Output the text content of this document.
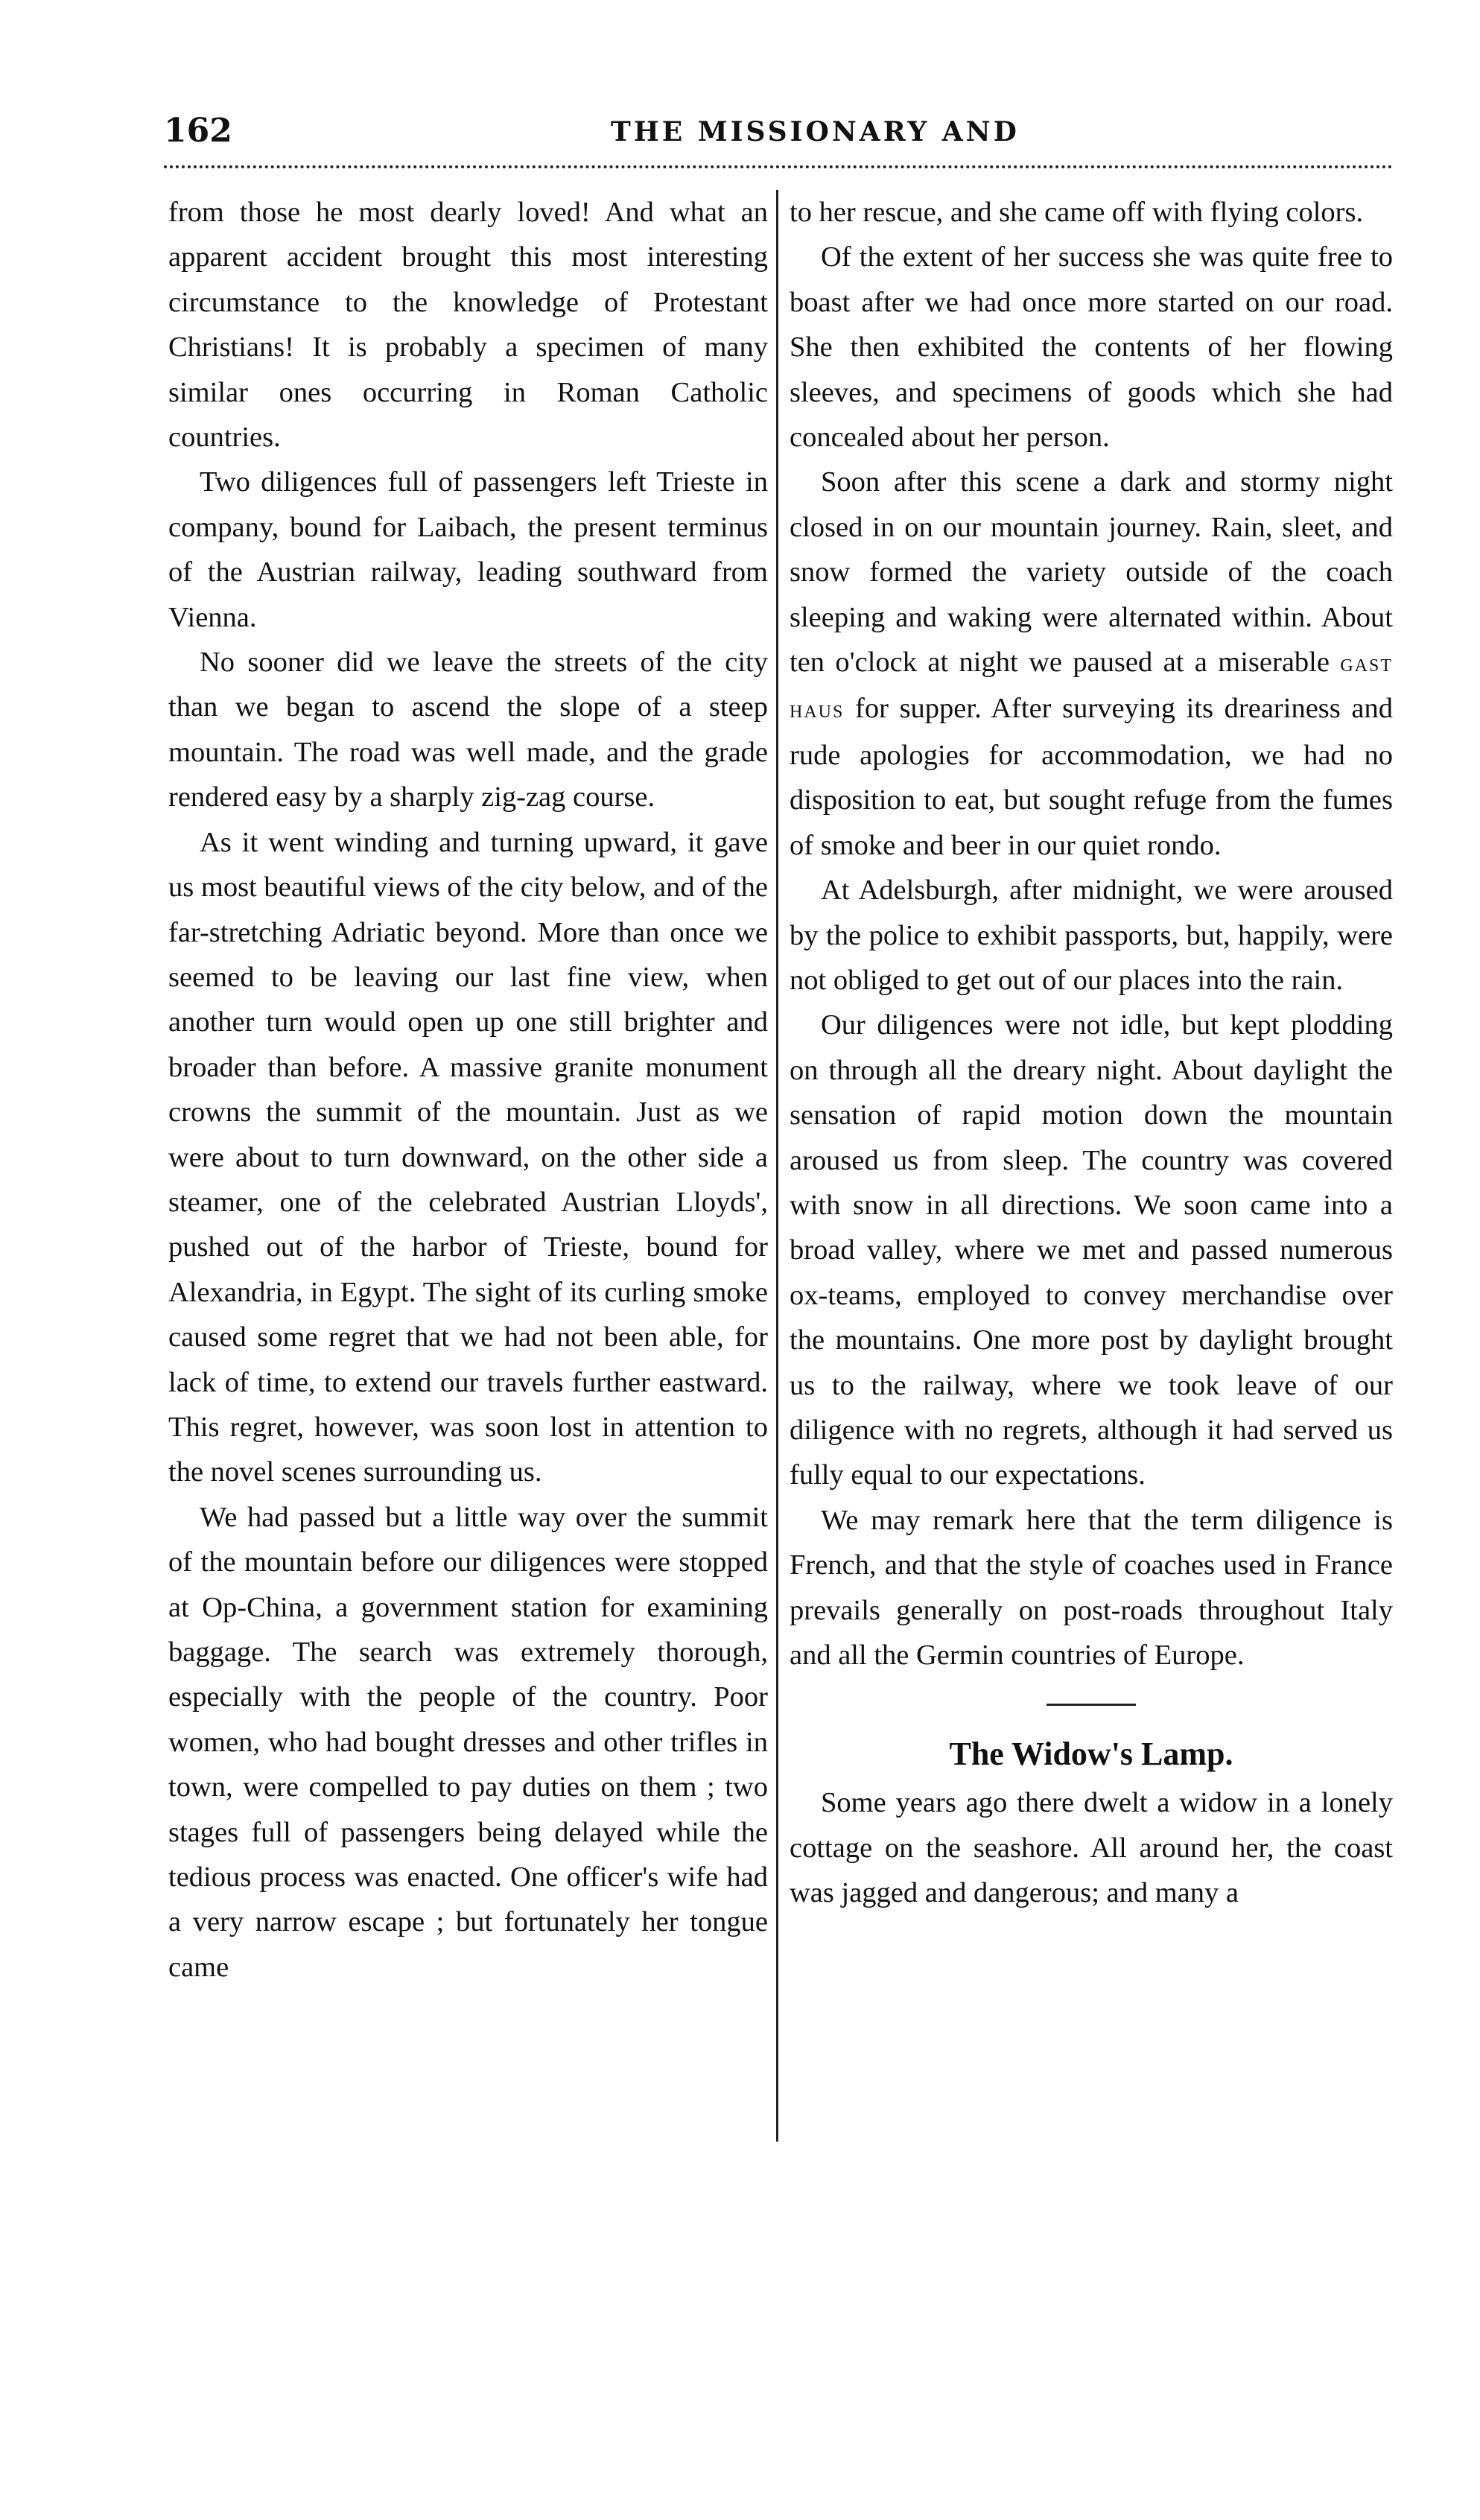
162	THE MISSIONARY AND

from those he most dearly loved! And what an apparent accident brought this most interesting circumstance to the knowledge of Protestant Christians! It is probably a specimen of many similar ones occurring in Roman Catholic countries.

Two diligences full of passengers left Trieste in company, bound for Laibach, the present terminus of the Austrian railway, leading southward from Vienna.

No sooner did we leave the streets of the city than we began to ascend the slope of a steep mountain. The road was well made, and the grade rendered easy by a sharply zig-zag course.

As it went winding and turning upward, it gave us most beautiful views of the city below, and of the far-stretching Adriatic beyond. More than once we seemed to be leaving our last fine view, when another turn would open up one still brighter and broader than before. A massive granite monument crowns the summit of the mountain. Just as we were about to turn downward, on the other side a steamer, one of the celebrated Austrian Lloyds', pushed out of the harbor of Trieste, bound for Alexandria, in Egypt. The sight of its curling smoke caused some regret that we had not been able, for lack of time, to extend our travels further eastward. This regret, however, was soon lost in attention to the novel scenes surrounding us.

We had passed but a little way over the summit of the mountain before our diligences were stopped at Op-China, a government station for examining baggage. The search was extremely thorough, especially with the people of the country. Poor women, who had bought dresses and other trifles in town, were compelled to pay duties on them ; two stages full of passengers being delayed while the tedious process was enacted. One officer's wife had a very narrow escape ; but fortunately her tongue came

to her rescue, and she came off with flying colors.

Of the extent of her success she was quite free to boast after we had once more started on our road. She then exhibited the contents of her flowing sleeves, and specimens of goods which she had concealed about her person.

Soon after this scene a dark and stormy night closed in on our mountain journey. Rain, sleet, and snow formed the variety outside of the coach sleeping and waking were alternated within. About ten o'clock at night we paused at a miserable gast haus for supper. After surveying its dreariness and rude apologies for accommodation, we had no disposition to eat, but sought refuge from the fumes of smoke and beer in our quiet rondo.

At Adelsburgh, after midnight, we were aroused by the police to exhibit passports, but, happily, were not obliged to get out of our places into the rain.

Our diligences were not idle, but kept plodding on through all the dreary night. About daylight the sensation of rapid motion down the mountain aroused us from sleep. The country was covered with snow in all directions. We soon came into a broad valley, where we met and passed numerous ox-teams, employed to convey merchandise over the mountains. One more post by daylight brought us to the railway, where we took leave of our diligence with no regrets, although it had served us fully equal to our expectations.

We may remark here that the term diligence is French, and that the style of coaches used in France prevails generally on post-roads throughout Italy and all the Germin countries of Europe.

The Widow's Lamp.

Some years ago there dwelt a widow in a lonely cottage on the seashore. All around her, the coast was jagged and dangerous; and many a
